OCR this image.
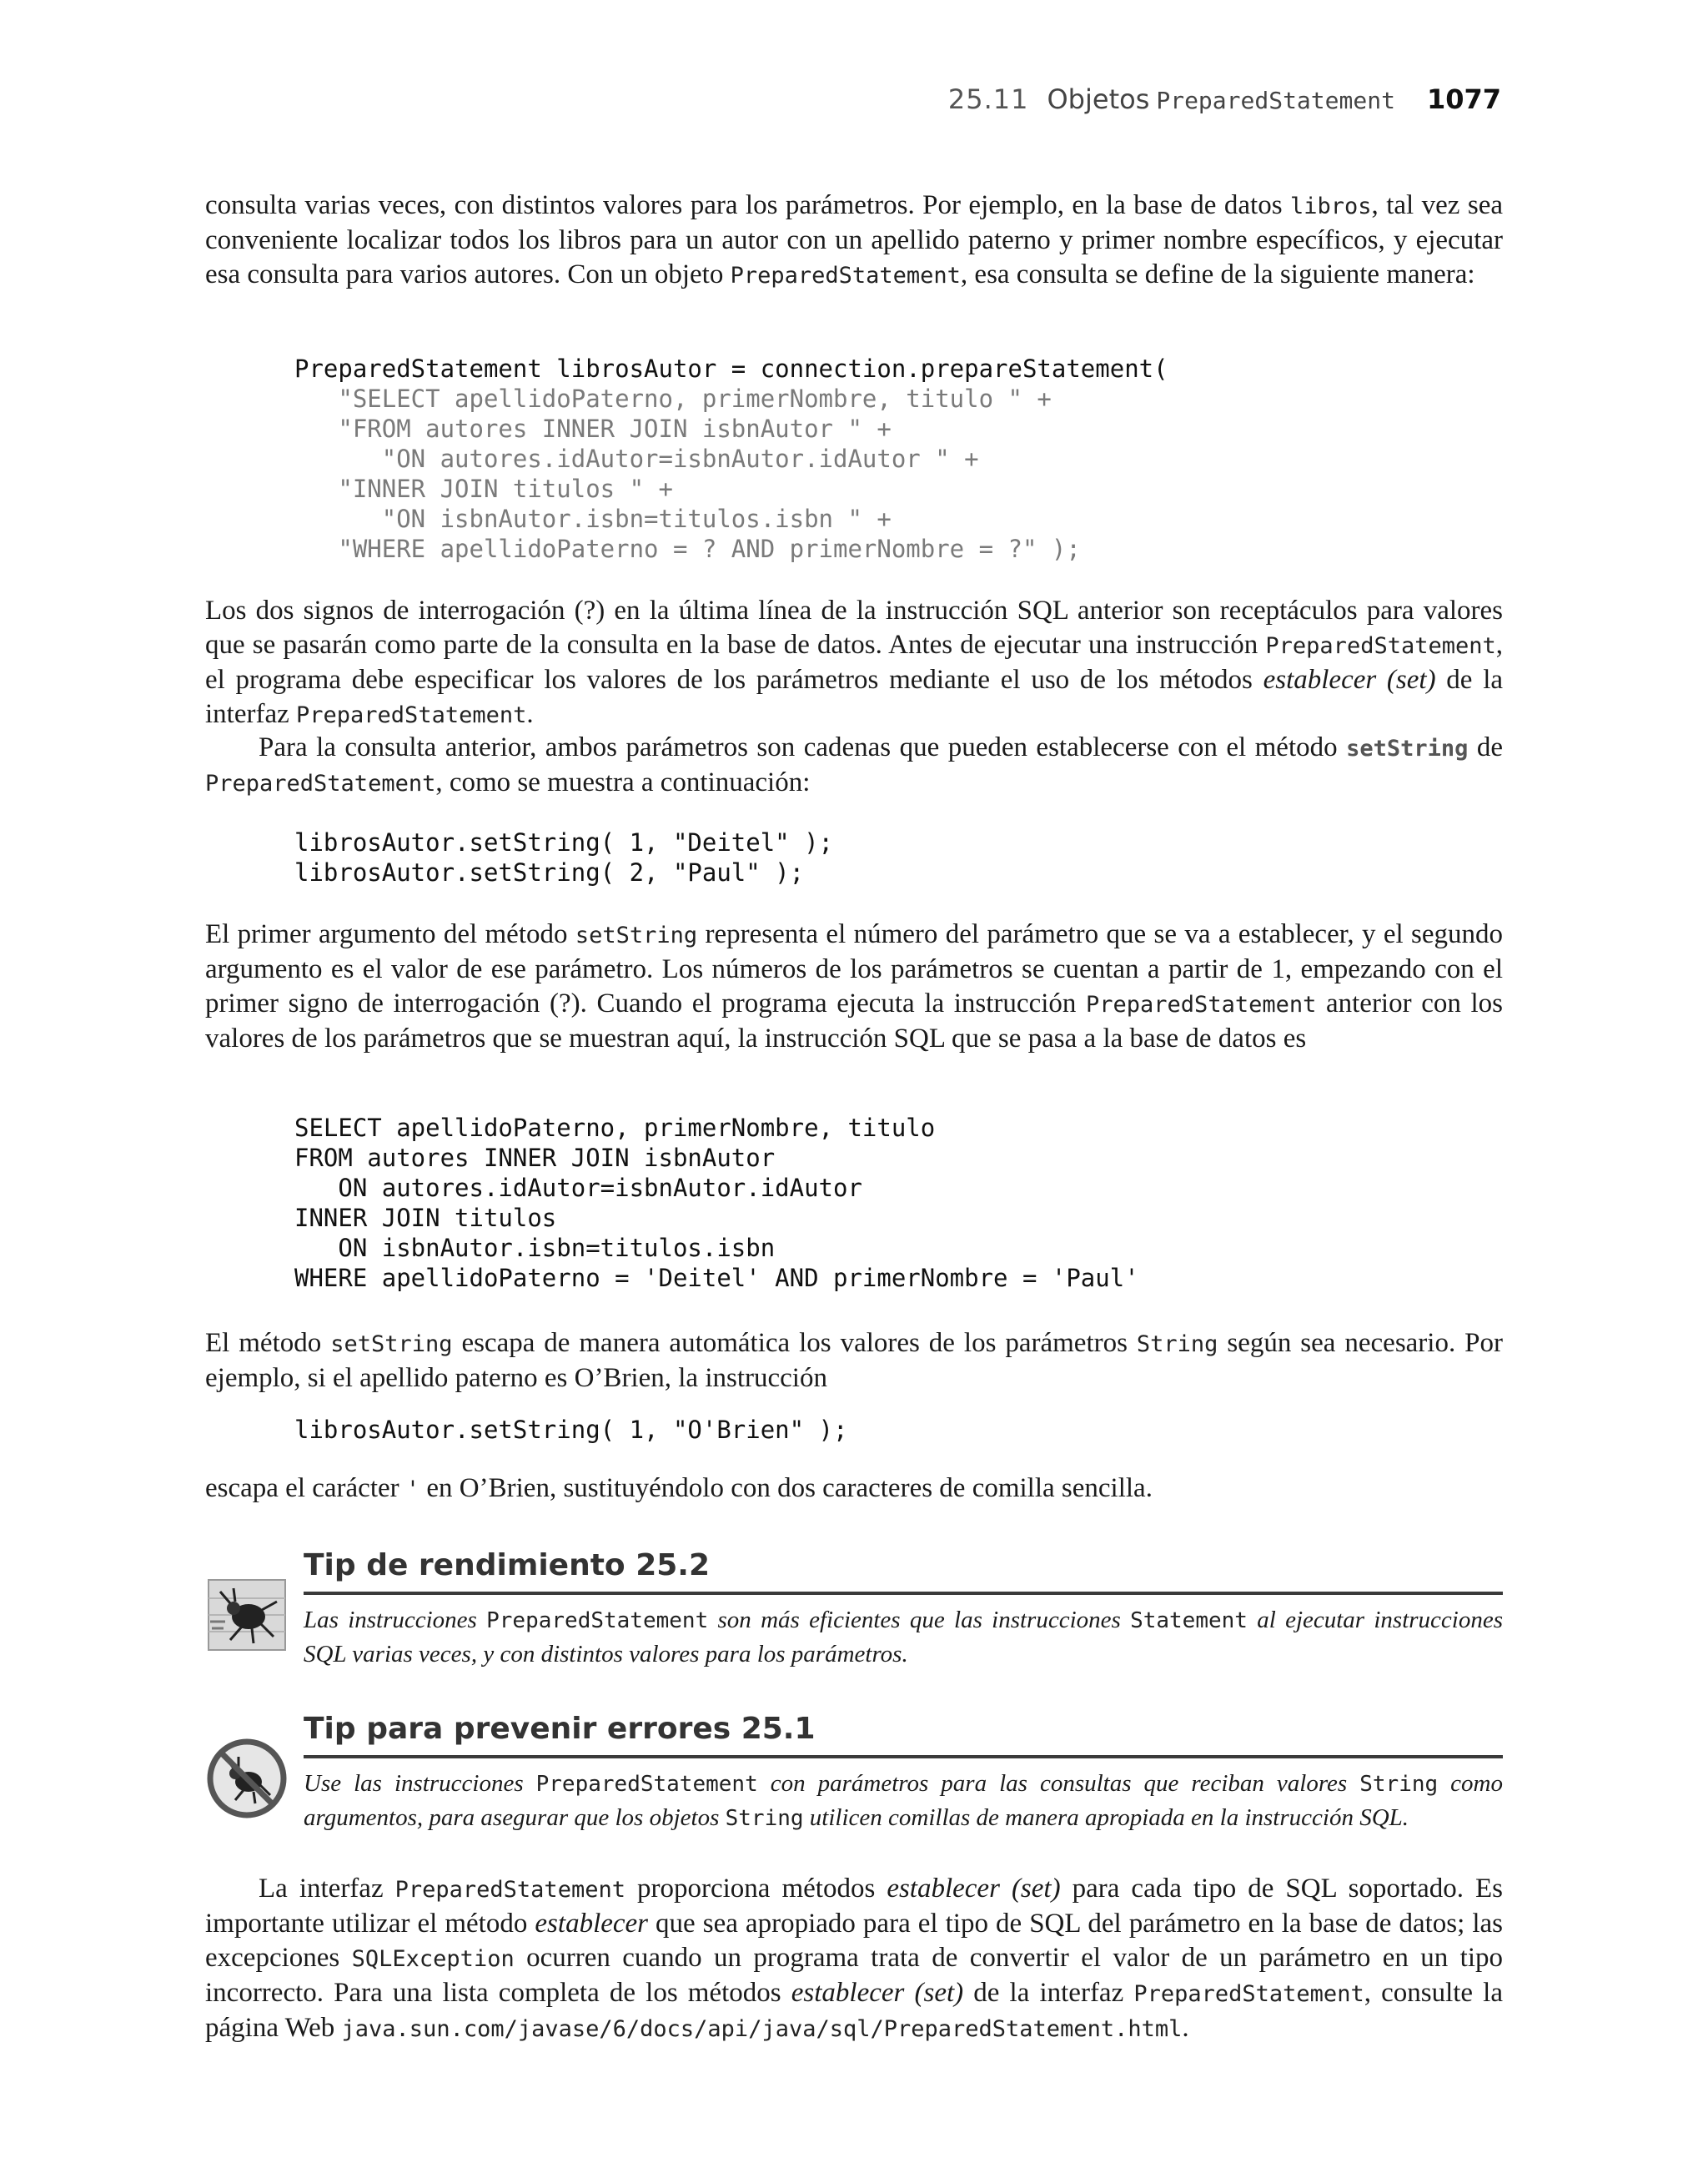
25.11 Objetos PreparedStatement 1077

consulta varias veces, con distintos valores para los parámetros. Por ejemplo, en la base de datos libros, tal vez sea conveniente localizar todos los libros para un autor con un apellido paterno y primer nombre específicos, y ejecutar esa consulta para varios autores. Con un objeto PreparedStatement, esa consulta se define de la siguiente manera:

PreparedStatement librosAutor = connection.prepareStatement(
"SELECT apellidoPaterno, primerNombre, titulo " +
"FROM autores INNER JOIN isbnAutor " +
"ON autores.idAutor=isbnAutor.idAutor " +
"INNER JOIN titulos " +
"ON isbnAutor.isbn=titulos.isbn " +
"WHERE apellidoPaterno = ? AND primerNombre = ?" );

Los dos signos de interrogación (?) en la última línea de la instrucción SQL anterior son receptáculos para valores que se pasarán como parte de la consulta en la base de datos. Antes de ejecutar una instrucción PreparedStatement, el programa debe especificar los valores de los parámetros mediante el uso de los métodos establecer (set) de la interfaz PreparedStatement.

Para la consulta anterior, ambos parámetros son cadenas que pueden establecerse con el método setString de PreparedStatement, como se muestra a continuación:

librosAutor.setString( 1, "Deitel" );
librosAutor.setString( 2, "Paul" );

El primer argumento del método setString representa el número del parámetro que se va a establecer, y el segundo argumento es el valor de ese parámetro. Los números de los parámetros se cuentan a partir de 1, empezando con el primer signo de interrogación (?). Cuando el programa ejecuta la instrucción PreparedStatement anterior con los valores de los parámetros que se muestran aquí, la instrucción SQL que se pasa a la base de datos es

SELECT apellidoPaterno, primerNombre, titulo
FROM autores INNER JOIN isbnAutor
ON autores.idAutor=isbnAutor.idAutor
INNER JOIN titulos
ON isbnAutor.isbn=titulos.isbn
WHERE apellidoPaterno = 'Deitel' AND primerNombre = 'Paul'

El método setString escapa de manera automática los valores de los parámetros String según sea necesario. Por ejemplo, si el apellido paterno es O’Brien, la instrucción

librosAutor.setString( 1, "O'Brien" );

escapa el carácter ' en O’Brien, sustituyéndolo con dos caracteres de comilla sencilla.

Tip de rendimiento 25.2

Las instrucciones PreparedStatement son más eficientes que las instrucciones Statement al ejecutar instrucciones SQL varias veces, y con distintos valores para los parámetros.

Tip para prevenir errores 25.1

Use las instrucciones PreparedStatement con parámetros para las consultas que reciban valores String como argumentos, para asegurar que los objetos String utilicen comillas de manera apropiada en la instrucción SQL.

La interfaz PreparedStatement proporciona métodos establecer (set) para cada tipo de SQL soportado. Es importante utilizar el método establecer que sea apropiado para el tipo de SQL del parámetro en la base de datos; las excepciones SQLException ocurren cuando un programa trata de convertir el valor de un parámetro en un tipo incorrecto. Para una lista completa de los métodos establecer (set) de la interfaz PreparedStatement, consulte la página Web java.sun.com/javase/6/docs/api/java/sql/PreparedStatement.html.
